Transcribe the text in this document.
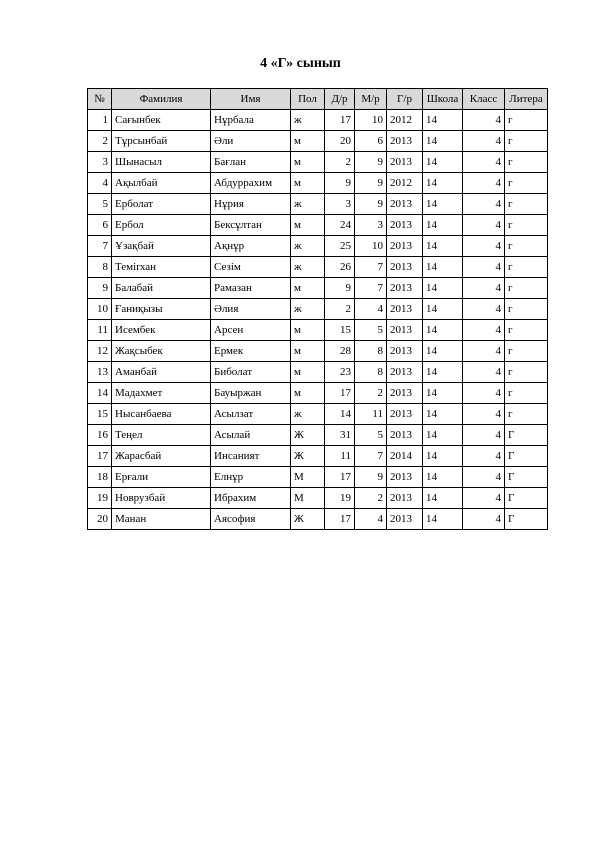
4 «Г» сынып
№	Фамилия	Имя	Пол	Д/р	М/р	Г/р	Школа	Класс	Литера
1	Сағынбек	Нұрбала	ж	17	10	2012	14	4	г
2	Тұрсынбай	Әли	м	20	6	2013	14	4	г
3	Шынасыл	Бағлан	м	2	9	2013	14	4	г
4	Ақылбай	Абдуррахим	м	9	9	2012	14	4	г
5	Ерболат	Нұрия	ж	3	9	2013	14	4	г
6	Ербол	Бексұлтан	м	24	3	2013	14	4	г
7	Ұзақбай	Ақнұр	ж	25	10	2013	14	4	г
8	Теміrхан	Сезім	ж	26	7	2013	14	4	г
9	Балабай	Рамазан	м	9	7	2013	14	4	г
10	Ғаниқызы	Әлия	ж	2	4	2013	14	4	г
11	Исембек	Арсен	м	15	5	2013	14	4	г
12	Жақсыбек	Ермек	м	28	8	2013	14	4	г
13	Аманбай	Биболат	м	23	8	2013	14	4	г
14	Мадахмет	Бауыржан	м	17	2	2013	14	4	г
15	Нысанбаева	Асылзат	ж	14	11	2013	14	4	г
16	Теңел	Асылай	Ж	31	5	2013	14	4	Г
17	Жарасбай	Инсаният	Ж	11	7	2014	14	4	Г
18	Ерғали	Елнұр	М	17	9	2013	14	4	Г
19	Новрузбай	Ибрахим	М	19	2	2013	14	4	Г
20	Манан	Аясофия	Ж	17	4	2013	14	4	Г
